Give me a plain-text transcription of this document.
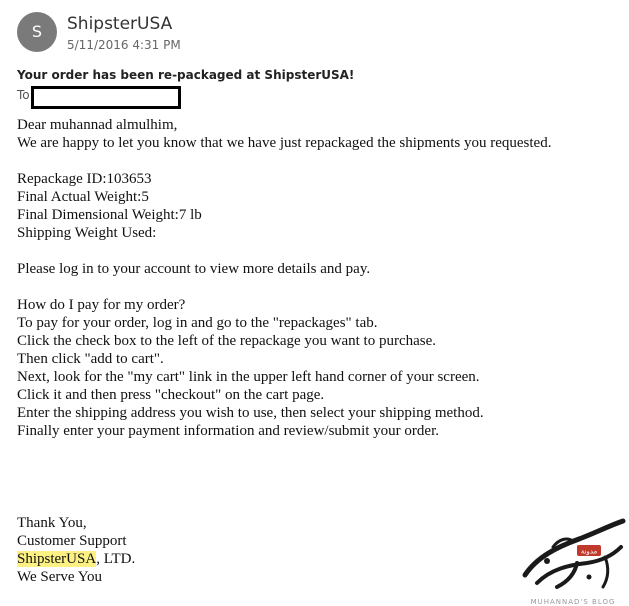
S	ShipsterUSA
5/11/2016 4:31 PM
Your order has been re-packaged at ShipsterUSA!
To
Dear muhannad almulhim,
We are happy to let you know that we have just repackaged the shipments you requested.
Repackage ID:103653
Final Actual Weight:5
Final Dimensional Weight:7 lb
Shipping Weight Used:
Please log in to your account to view more details and pay.
How do I pay for my order?
To pay for your order, log in and go to the "repackages" tab.
Click the check box to the left of the repackage you want to purchase.
Then click "add to cart".
Next, look for the "my cart" link in the upper left hand corner of your screen.
Click it and then press "checkout" on the cart page.
Enter the shipping address you wish to use, then select your shipping method.
Finally enter your payment information and review/submit your order.
Thank You,
Customer Support
ShipsterUSA, LTD.
We Serve You
مدونة
MUHANNAD'S BLOG
